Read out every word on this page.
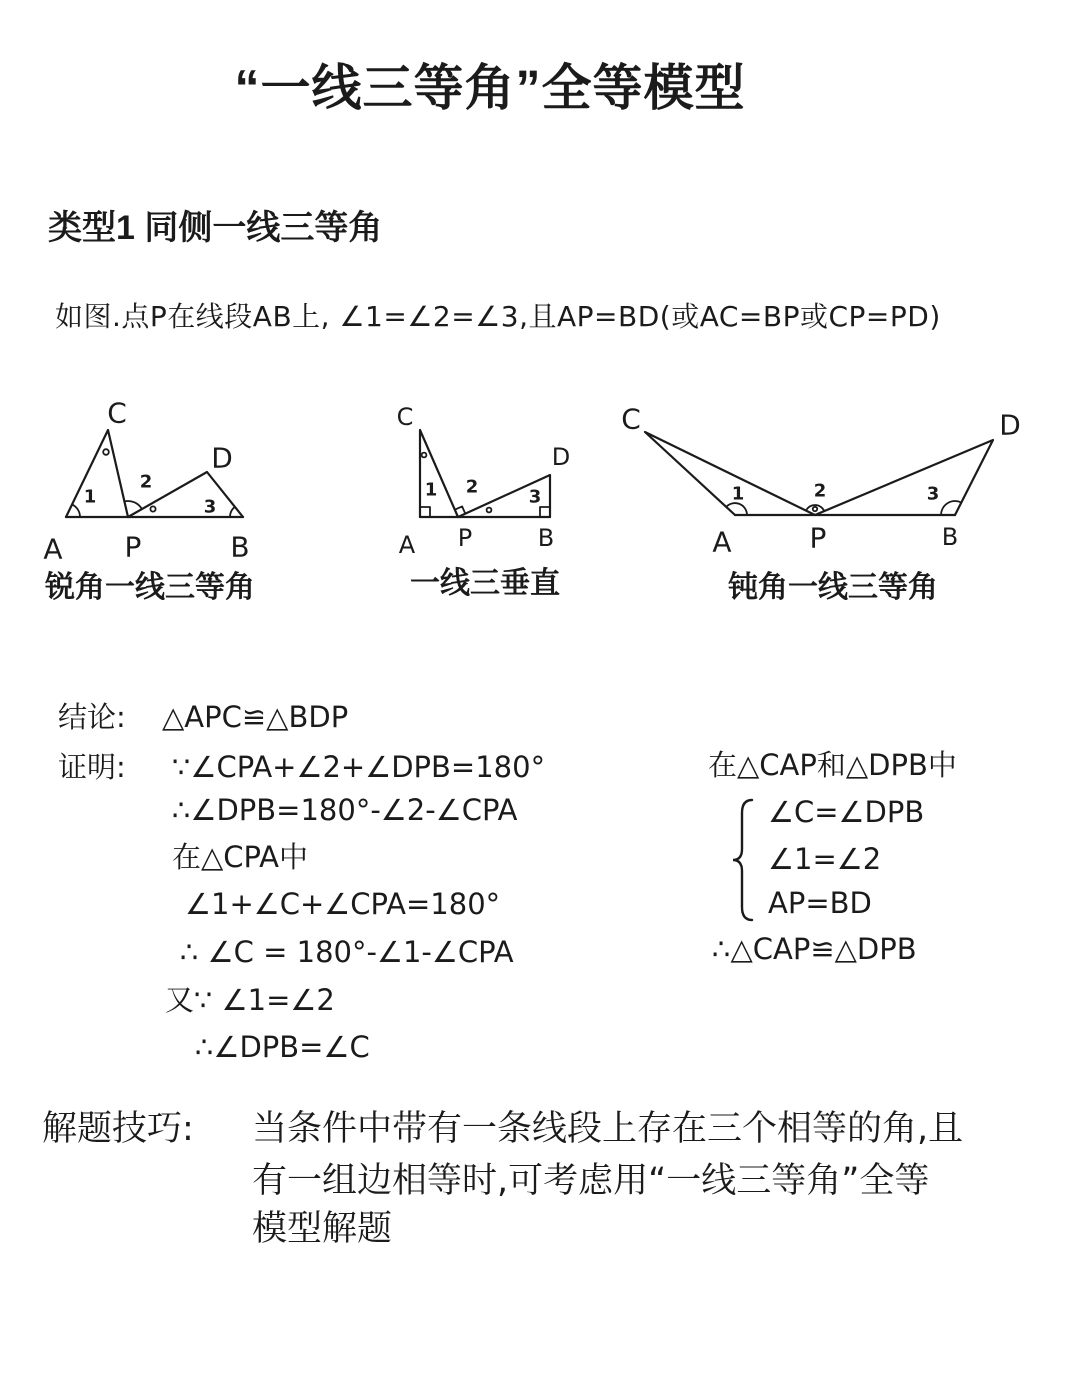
“一线三等角”全等模型
类型1 同侧一线三等角
如图.点P在线段AB上, ∠1=∠2=∠3,且AP=BD(或AC=BP或CP=PD)
C
D
A P	B
1
2
3
C
D
A P	B
1 2	3
C	D
A	P	B
1	2	3
锐角一线三等角	一线三垂直	钝角一线三等角
结论: △APC≌△BDP
证明: ∵∠CPA+∠2+∠DPB=180°
∴∠DPB=180°-∠2-∠CPA
在△CPA中
∠1+∠C+∠CPA=180°
∴ ∠C = 180°-∠1-∠CPA
又∵ ∠1=∠2
∴∠DPB=∠C
在△CAP和△DPB中
∠C=∠DPB
∠1=∠2
AP=BD
∴△CAP≌△DPB
解题技巧: 当条件中带有一条线段上存在三个相等的角,且
有一组边相等时,可考虑用“一线三等角”全等
模型解题
